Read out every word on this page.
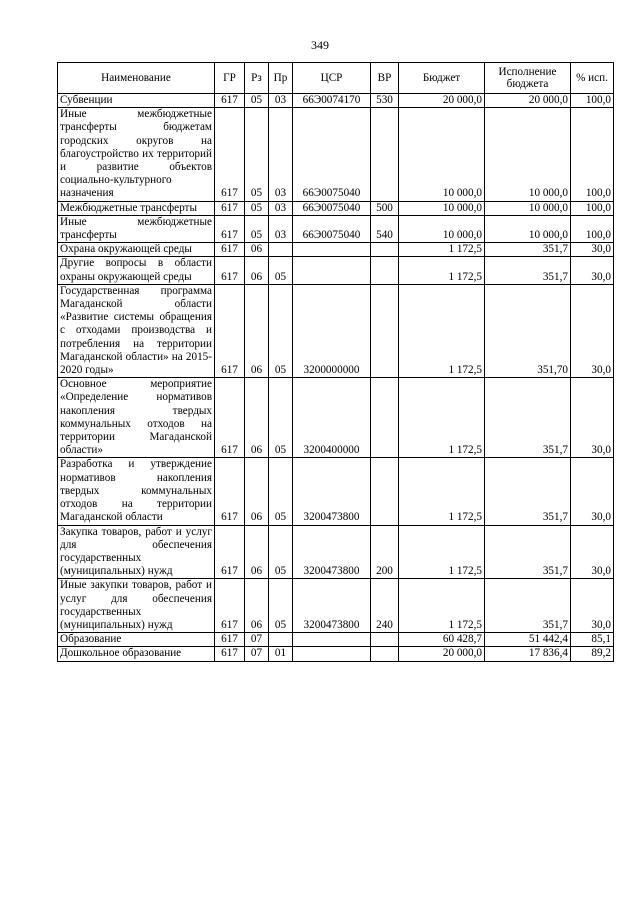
349
Наименование	ГР	Рз	Пр	ЦСР	ВР	Бюджет	Исполнение бюджета	% исп.
Субвенции	617	05	03	66Э0074170	530	20 000,0	20 000,0	100,0
Иные межбюджетные трансферты бюджетам городских округов на благоустройство их территорий и развитие объектов социально-культурного назначения	617	05	03	66Э0075040		10 000,0	10 000,0	100,0
Межбюджетные трансферты	617	05	03	66Э0075040	500	10 000,0	10 000,0	100,0
Иные межбюджетные трансферты	617	05	03	66Э0075040	540	10 000,0	10 000,0	100,0
Охрана окружающей среды	617	06				1 172,5	351,7	30,0
Другие вопросы в области охраны окружающей среды	617	06	05			1 172,5	351,7	30,0
Государственная программа Магаданской области «Развитие системы обращения с отходами производства и потребления на территории Магаданской области» на 2015-2020 годы»	617	06	05	3200000000		1 172,5	351,70	30,0
Основное мероприятие «Определение нормативов накопления твердых коммунальных отходов на территории Магаданской области»	617	06	05	3200400000		1 172,5	351,7	30,0
Разработка и утверждение нормативов накопления твердых коммунальных отходов на территории Магаданской области	617	06	05	3200473800		1 172,5	351,7	30,0
Закупка товаров, работ и услуг для обеспечения государственных (муниципальных) нужд	617	06	05	3200473800	200	1 172,5	351,7	30,0
Иные закупки товаров, работ и услуг для обеспечения государственных (муниципальных) нужд	617	06	05	3200473800	240	1 172,5	351,7	30,0
Образование	617	07				60 428,7	51 442,4	85,1
Дошкольное образование	617	07	01			20 000,0	17 836,4	89,2
